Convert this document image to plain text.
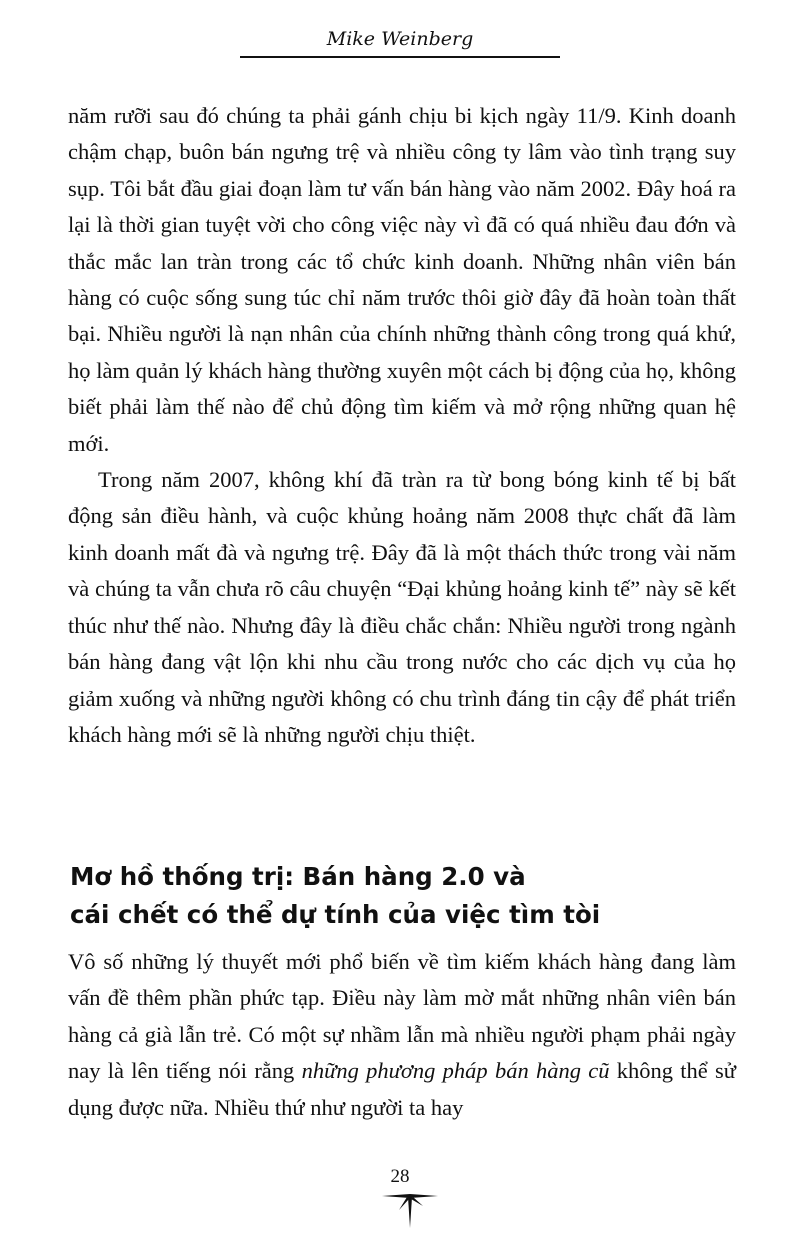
Mike Weinberg

năm rưỡi sau đó chúng ta phải gánh chịu bi kịch ngày 11/9. Kinh doanh chậm chạp, buôn bán ngưng trệ và nhiều công ty lâm vào tình trạng suy sụp. Tôi bắt đầu giai đoạn làm tư vấn bán hàng vào năm 2002. Đây hoá ra lại là thời gian tuyệt vời cho công việc này vì đã có quá nhiều đau đớn và thắc mắc lan tràn trong các tổ chức kinh doanh. Những nhân viên bán hàng có cuộc sống sung túc chỉ năm trước thôi giờ đây đã hoàn toàn thất bại. Nhiều người là nạn nhân của chính những thành công trong quá khứ, họ làm quản lý khách hàng thường xuyên một cách bị động của họ, không biết phải làm thế nào để chủ động tìm kiếm và mở rộng những quan hệ mới.

Trong năm 2007, không khí đã tràn ra từ bong bóng kinh tế bị bất động sản điều hành, và cuộc khủng hoảng năm 2008 thực chất đã làm kinh doanh mất đà và ngưng trệ. Đây đã là một thách thức trong vài năm và chúng ta vẫn chưa rõ câu chuyện “Đại khủng hoảng kinh tế” này sẽ kết thúc như thế nào. Nhưng đây là điều chắc chắn: Nhiều người trong ngành bán hàng đang vật lộn khi nhu cầu trong nước cho các dịch vụ của họ giảm xuống và những người không có chu trình đáng tin cậy để phát triển khách hàng mới sẽ là những người chịu thiệt.

Mơ hồ thống trị: Bán hàng 2.0 và
cái chết có thể dự tính của việc tìm tòi

Vô số những lý thuyết mới phổ biến về tìm kiếm khách hàng đang làm vấn đề thêm phần phức tạp. Điều này làm mờ mắt những nhân viên bán hàng cả già lẫn trẻ. Có một sự nhầm lẫn mà nhiều người phạm phải ngày nay là lên tiếng nói rằng những phương pháp bán hàng cũ không thể sử dụng được nữa. Nhiều thứ như người ta hay

28
